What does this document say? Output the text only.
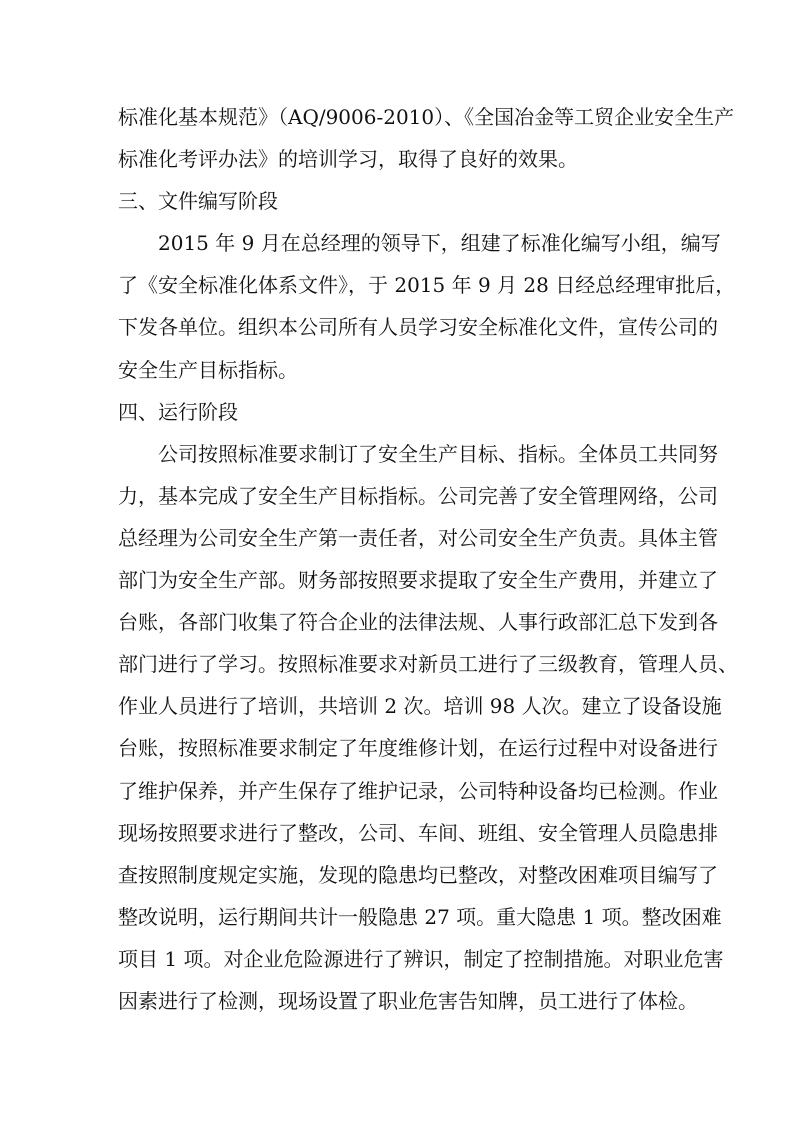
标准化基本规范》（AQ/9006-2010）、《全国冶金等工贸企业安全生产
标准化考评办法》的培训学习，取得了良好的效果。
三、文件编写阶段
2015 年 9 月在总经理的领导下，组建了标准化编写小组，编写
了《安全标准化体系文件》，于 2015 年 9 月 28 日经总经理审批后，
下发各单位。组织本公司所有人员学习安全标准化文件，宣传公司的
安全生产目标指标。
四、运行阶段
公司按照标准要求制订了安全生产目标、指标。全体员工共同努
力，基本完成了安全生产目标指标。公司完善了安全管理网络，公司
总经理为公司安全生产第一责任者，对公司安全生产负责。具体主管
部门为安全生产部。财务部按照要求提取了安全生产费用，并建立了
台账，各部门收集了符合企业的法律法规、人事行政部汇总下发到各
部门进行了学习。按照标准要求对新员工进行了三级教育，管理人员、
作业人员进行了培训，共培训 2 次。培训 98 人次。建立了设备设施
台账，按照标准要求制定了年度维修计划，在运行过程中对设备进行
了维护保养，并产生保存了维护记录，公司特种设备均已检测。作业
现场按照要求进行了整改，公司、车间、班组、安全管理人员隐患排
查按照制度规定实施，发现的隐患均已整改，对整改困难项目编写了
整改说明，运行期间共计一般隐患 27 项。重大隐患 1 项。整改困难
项目 1 项。对企业危险源进行了辨识，制定了控制措施。对职业危害
因素进行了检测，现场设置了职业危害告知牌，员工进行了体检。
